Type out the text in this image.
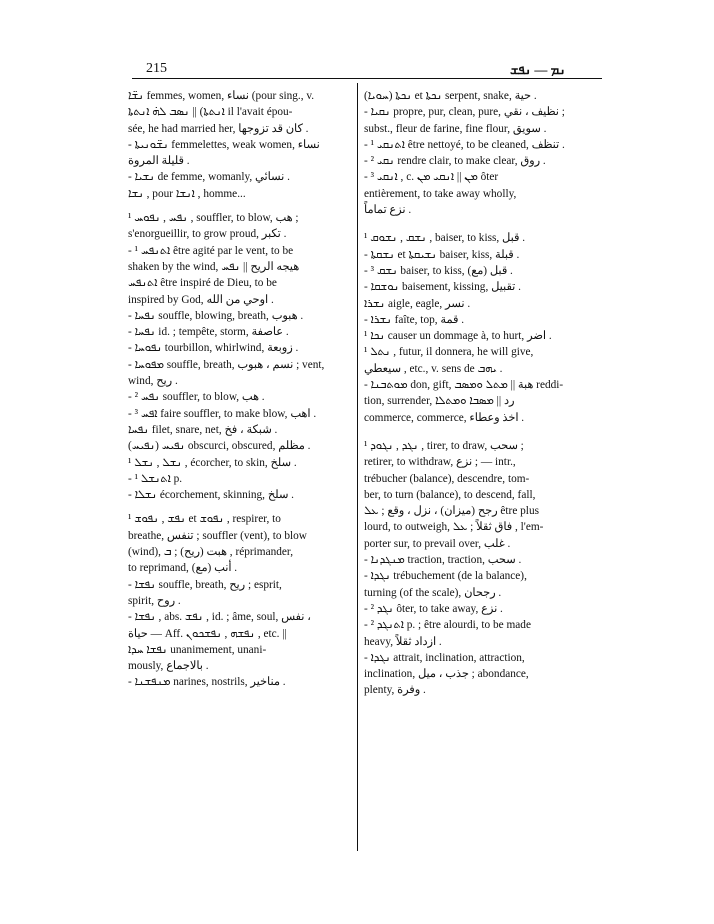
215	ܢܡ — ܢܦܫ

ܢܫ̈ܐ femmes, women, نساء (pour sing., v.

ܐܢܬܬܐ) || ܢܣܒ ܠܗ̇ ܐܢܬܬܐ il l'avait épou-

sée, he had married her, كان قد تزوجها .

- ܢܫ̈ܘܢܝܬܐ femmelettes, weak women, نساء

قليلة المروة .

- ܢܫܝܐ de femme, womanly, نسائي .

ܢܫܐ , pour ܐܢܫܐ , homme...

¹ ܢܦܚ , ܢܦܘܚ , souffler, to blow, هب ;

s'enorgueillir, to grow proud, تكبر .

- ¹ ܐܬܢܦܚ être agité par le vent, to be

shaken by the wind, هيجه الريح || ܢܦܚ

ܐܬܢܦܚ être inspiré de Dieu, to be

inspired by God, اوحي من الله .

- ܢܦܚܐ souffle, blowing, breath, هبوب .

- ܢܦܚܐ id. ; tempête, storm, عاصفة .

- ܢܦܘܚܐ tourbillon, whirlwind, زوبعة .

- ܡܦܘܚܐ souffle, breath, نسم ، هبوب ; vent,

wind, ريح .

- ² ܢܦܚ souffler, to blow, هب .

- ³ ܐܦܚ faire souffler, to make blow, اهب .

ܢܦܚܐ filet, snare, net, شبكة ، فخ .

(ܢܦܝܚ) ܢܦܝܚ obscurci, obscured, مظلم .

¹ ܢܫܠ , ܢܫܠ , écorcher, to skin, سلخ .

- ¹ ܐܬܢܫܠ p.

- ܢܫܠܐ écorchement, skinning, سلخ .

¹ ܢܦܫ , ܢܦܘܫ et ܢܦܘܫ , respirer, to

breathe, تنفس ; souffler (vent), to blow

(wind), هبت (ريح) ; ܒ , réprimander,

to reprimand, أنب (مع) .

- ܢܦܫܐ souffle, breath, ريح ; esprit,

spirit, روح .

- ܢܦܫܐ , abs. ܢܦܫ , id. ; âme, soul, نفس ،

حياة — Aff. ܢܦܫܗ , ܢܦܫܟܘܢ , etc. ||

ܢܦܫܐ ܚܕܐ unanimement, unani-

mously, بالاجماع .

- ܡܢܦܫܢܐ narines, nostrils, مناخير .

(ܚܘܝܐ) ܢܟܬܐ et ܢܟܬܐ serpent, snake, حية .

- ܢܩܝܐ propre, pur, clean, pure, نظيف ، نقي ;

subst., fleur de farine, fine flour, سويق .

- ¹ ܐܬܢܩܝ être nettoyé, to be cleaned, تنظف .

- ² ܢܩܝ rendre clair, to make clear, روق .

- ³ ܐܢܩܝ , c. ܡܢ || ܐܢܩܝ ܡܢ ôter

entièrement, to take away wholly,

نزع تماماً .

¹ ܢܫܩ , ܢܫܘܩ , baiser, to kiss, قبل .

- ܢܫܩܬܐ et ܢܫܝܩܬܐ baiser, kiss, قبلة .

- ³ ܢܫܩ baiser, to kiss, قبل (مع) .

- ܢܘܫܩܐ baisement, kissing, تقبيل .

ܢܫܪܐ aigle, eagle, نسر .

- ܢܫܪܐ faîte, top, قمة .

¹ ܢܟܐ causer un dommage à, to hurt, اضر .

¹ ܢܬܠ , futur, il donnera, he will give,

سيعطي , etc., v. sens de ܝܗܒ .

- ܡܘܬܒܢܐ don, gift, هبة || ܡܬܠ ܘܡܣܒ reddi-

tion, surrender, رد || ܡܣܒܐ ܘܡܬܠܐ

commerce, commerce, اخذ وعطاء .

¹ ܢܓܕ , ܢܓܘܕ , tirer, to draw, سحب ;

retirer, to withdraw, نزع ; — intr.,

trébucher (balance), descendre, tom-

ber, to turn (balance), to descend, fall,

رجح (ميزان) ، نزل ، وقع ; ܥܠ être plus

lourd, to outweigh, فاق ثقلاً ; ܥܠ , l'em-

porter sur, to prevail over, غلب .

- ܡܢܓܕܢܐ traction, traction, سحب .

- ܢܓܕܐ trébuchement (de la balance),

turning (of the scale), رجحان .

- ² ܢܓܕ ôter, to take away, نزع .

- ² ܐܬܢܓܕ p. ; être alourdi, to be made

heavy, ازداد ثقلاً .

- ܢܓܕܐ attrait, inclination, attraction,

inclination, جذب ، ميل ; abondance,

plenty, وفرة .
